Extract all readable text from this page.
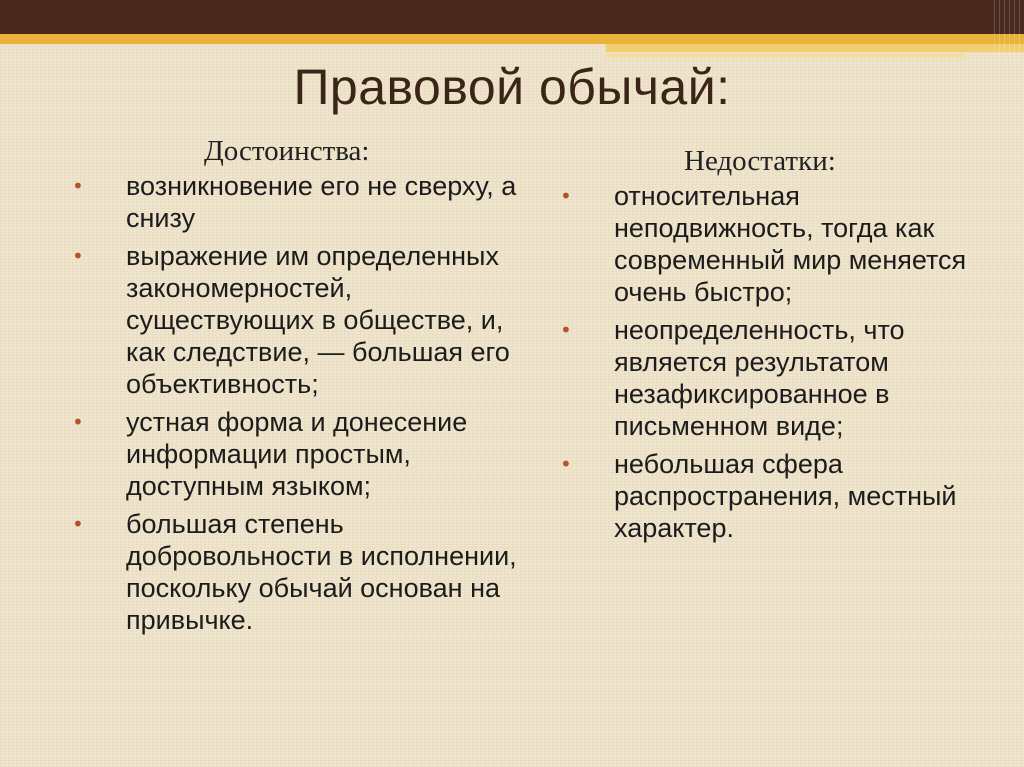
Правовой обычай:
Достоинства:
•
возникновение его не сверху, а снизу
•
выражение им определенных закономерностей, существующих в обществе, и, как следствие, — большая его объективность;
•
устная форма и донесение информации простым, доступным языком;
•
большая степень добровольности в исполнении, поскольку обычай основан на привычке.
Недостатки:
•
относительная неподвижность, тогда как современный мир меняется очень быстро;
•
неопределенность, что является результатом незафиксированное в письменном виде;
•
небольшая сфера распространения, местный характер.
